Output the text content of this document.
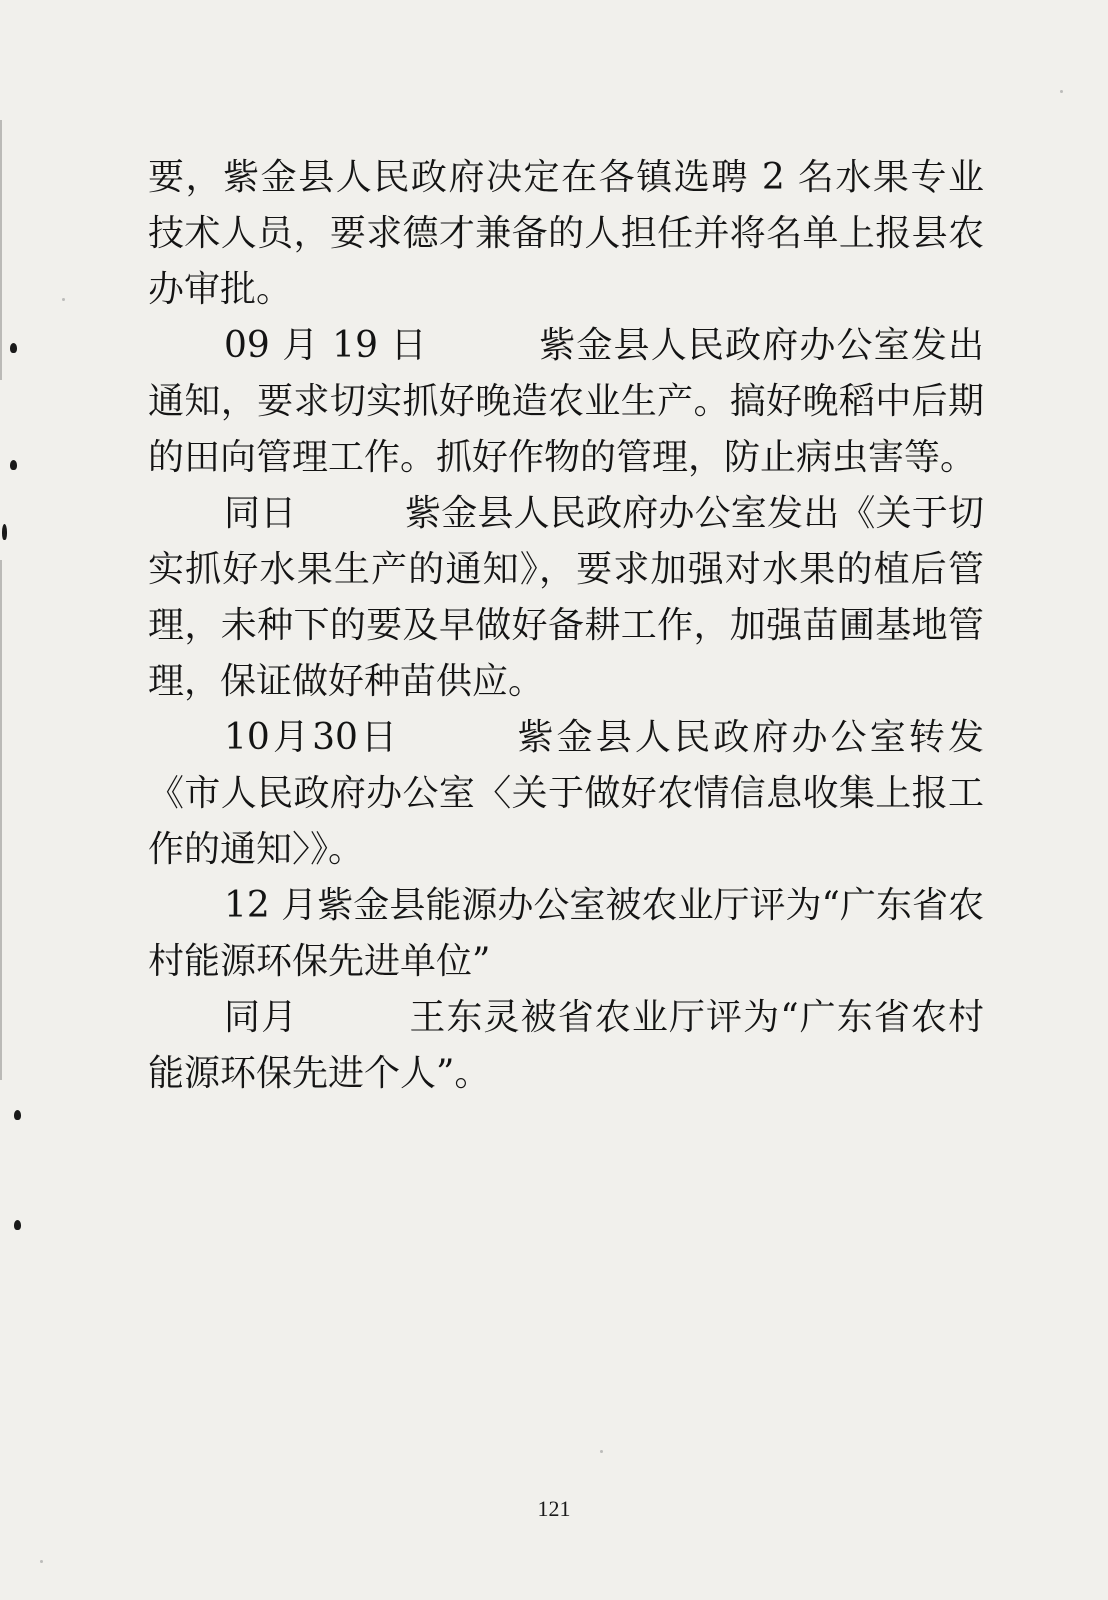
要，紫金县人民政府决定在各镇选聘 2 名水果专业技术人员，要求德才兼备的人担任并将名单上报县农办审批。

09 月 19 日　　　紫金县人民政府办公室发出通知，要求切实抓好晚造农业生产。搞好晚稻中后期的田向管理工作。抓好作物的管理，防止病虫害等。

同日　　　紫金县人民政府办公室发出《关于切实抓好水果生产的通知》，要求加强对水果的植后管理，未种下的要及早做好备耕工作，加强苗圃基地管理，保证做好种苗供应。

10月30日　　　紫金县人民政府办公室转发《市人民政府办公室〈关于做好农情信息收集上报工作的通知〉》。

12 月紫金县能源办公室被农业厅评为“广东省农村能源环保先进单位”

同月　　　王东灵被省农业厅评为“广东省农村能源环保先进个人”。

121
